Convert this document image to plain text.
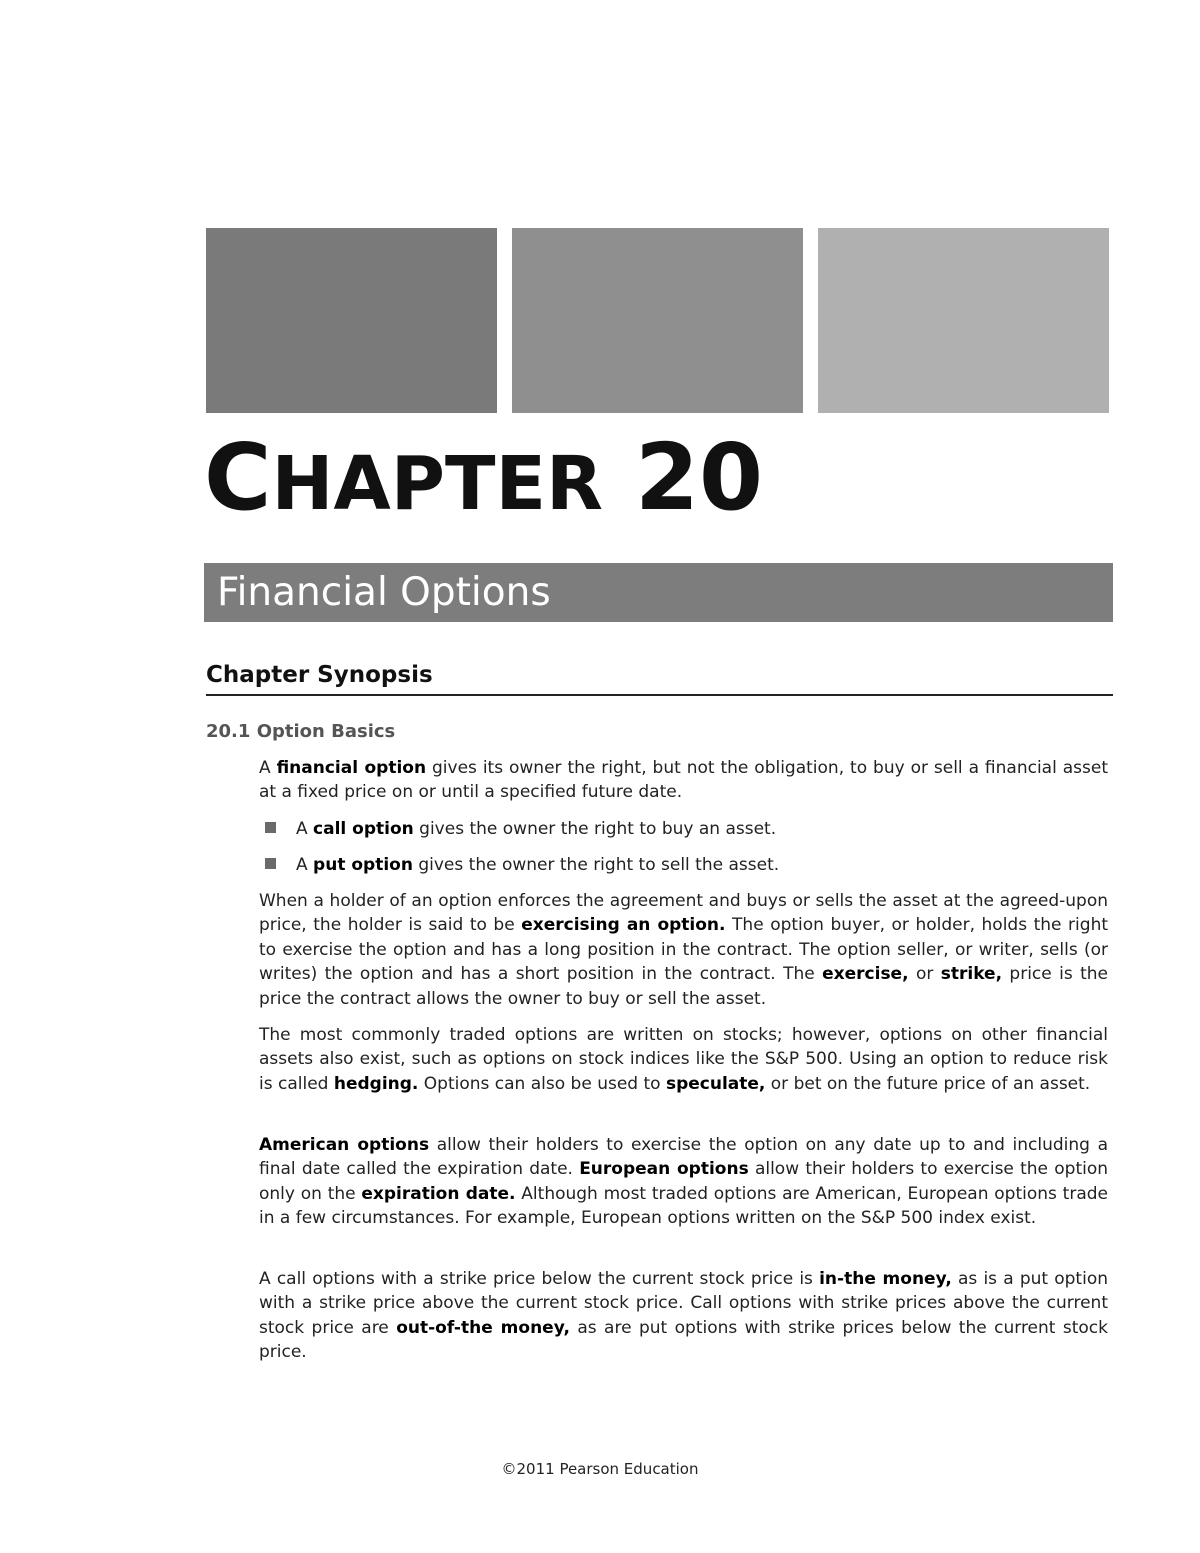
CHAPTER 20
Financial Options
Chapter Synopsis
20.1 Option Basics

A financial option gives its owner the right, but not the obligation, to buy or sell a financial asset at a fixed price on or until a specified future date.

A call option gives the owner the right to buy an asset.
A put option gives the owner the right to sell the asset.

When a holder of an option enforces the agreement and buys or sells the asset at the agreed-upon price, the holder is said to be exercising an option. The option buyer, or holder, holds the right to exercise the option and has a long position in the contract. The option seller, or writer, sells (or writes) the option and has a short position in the contract. The exercise, or strike, price is the price the contract allows the owner to buy or sell the asset.

The most commonly traded options are written on stocks; however, options on other financial assets also exist, such as options on stock indices like the S&P 500. Using an option to reduce risk is called hedging. Options can also be used to speculate, or bet on the future price of an asset.

American options allow their holders to exercise the option on any date up to and including a final date called the expiration date. European options allow their holders to exercise the option only on the expiration date. Although most traded options are American, European options trade in a few circumstances. For example, European options written on the S&P 500 index exist.

A call options with a strike price below the current stock price is in-the money, as is a put option with a strike price above the current stock price. Call options with strike prices above the current stock price are out-of-the money, as are put options with strike prices below the current stock price.

©2011 Pearson Education
